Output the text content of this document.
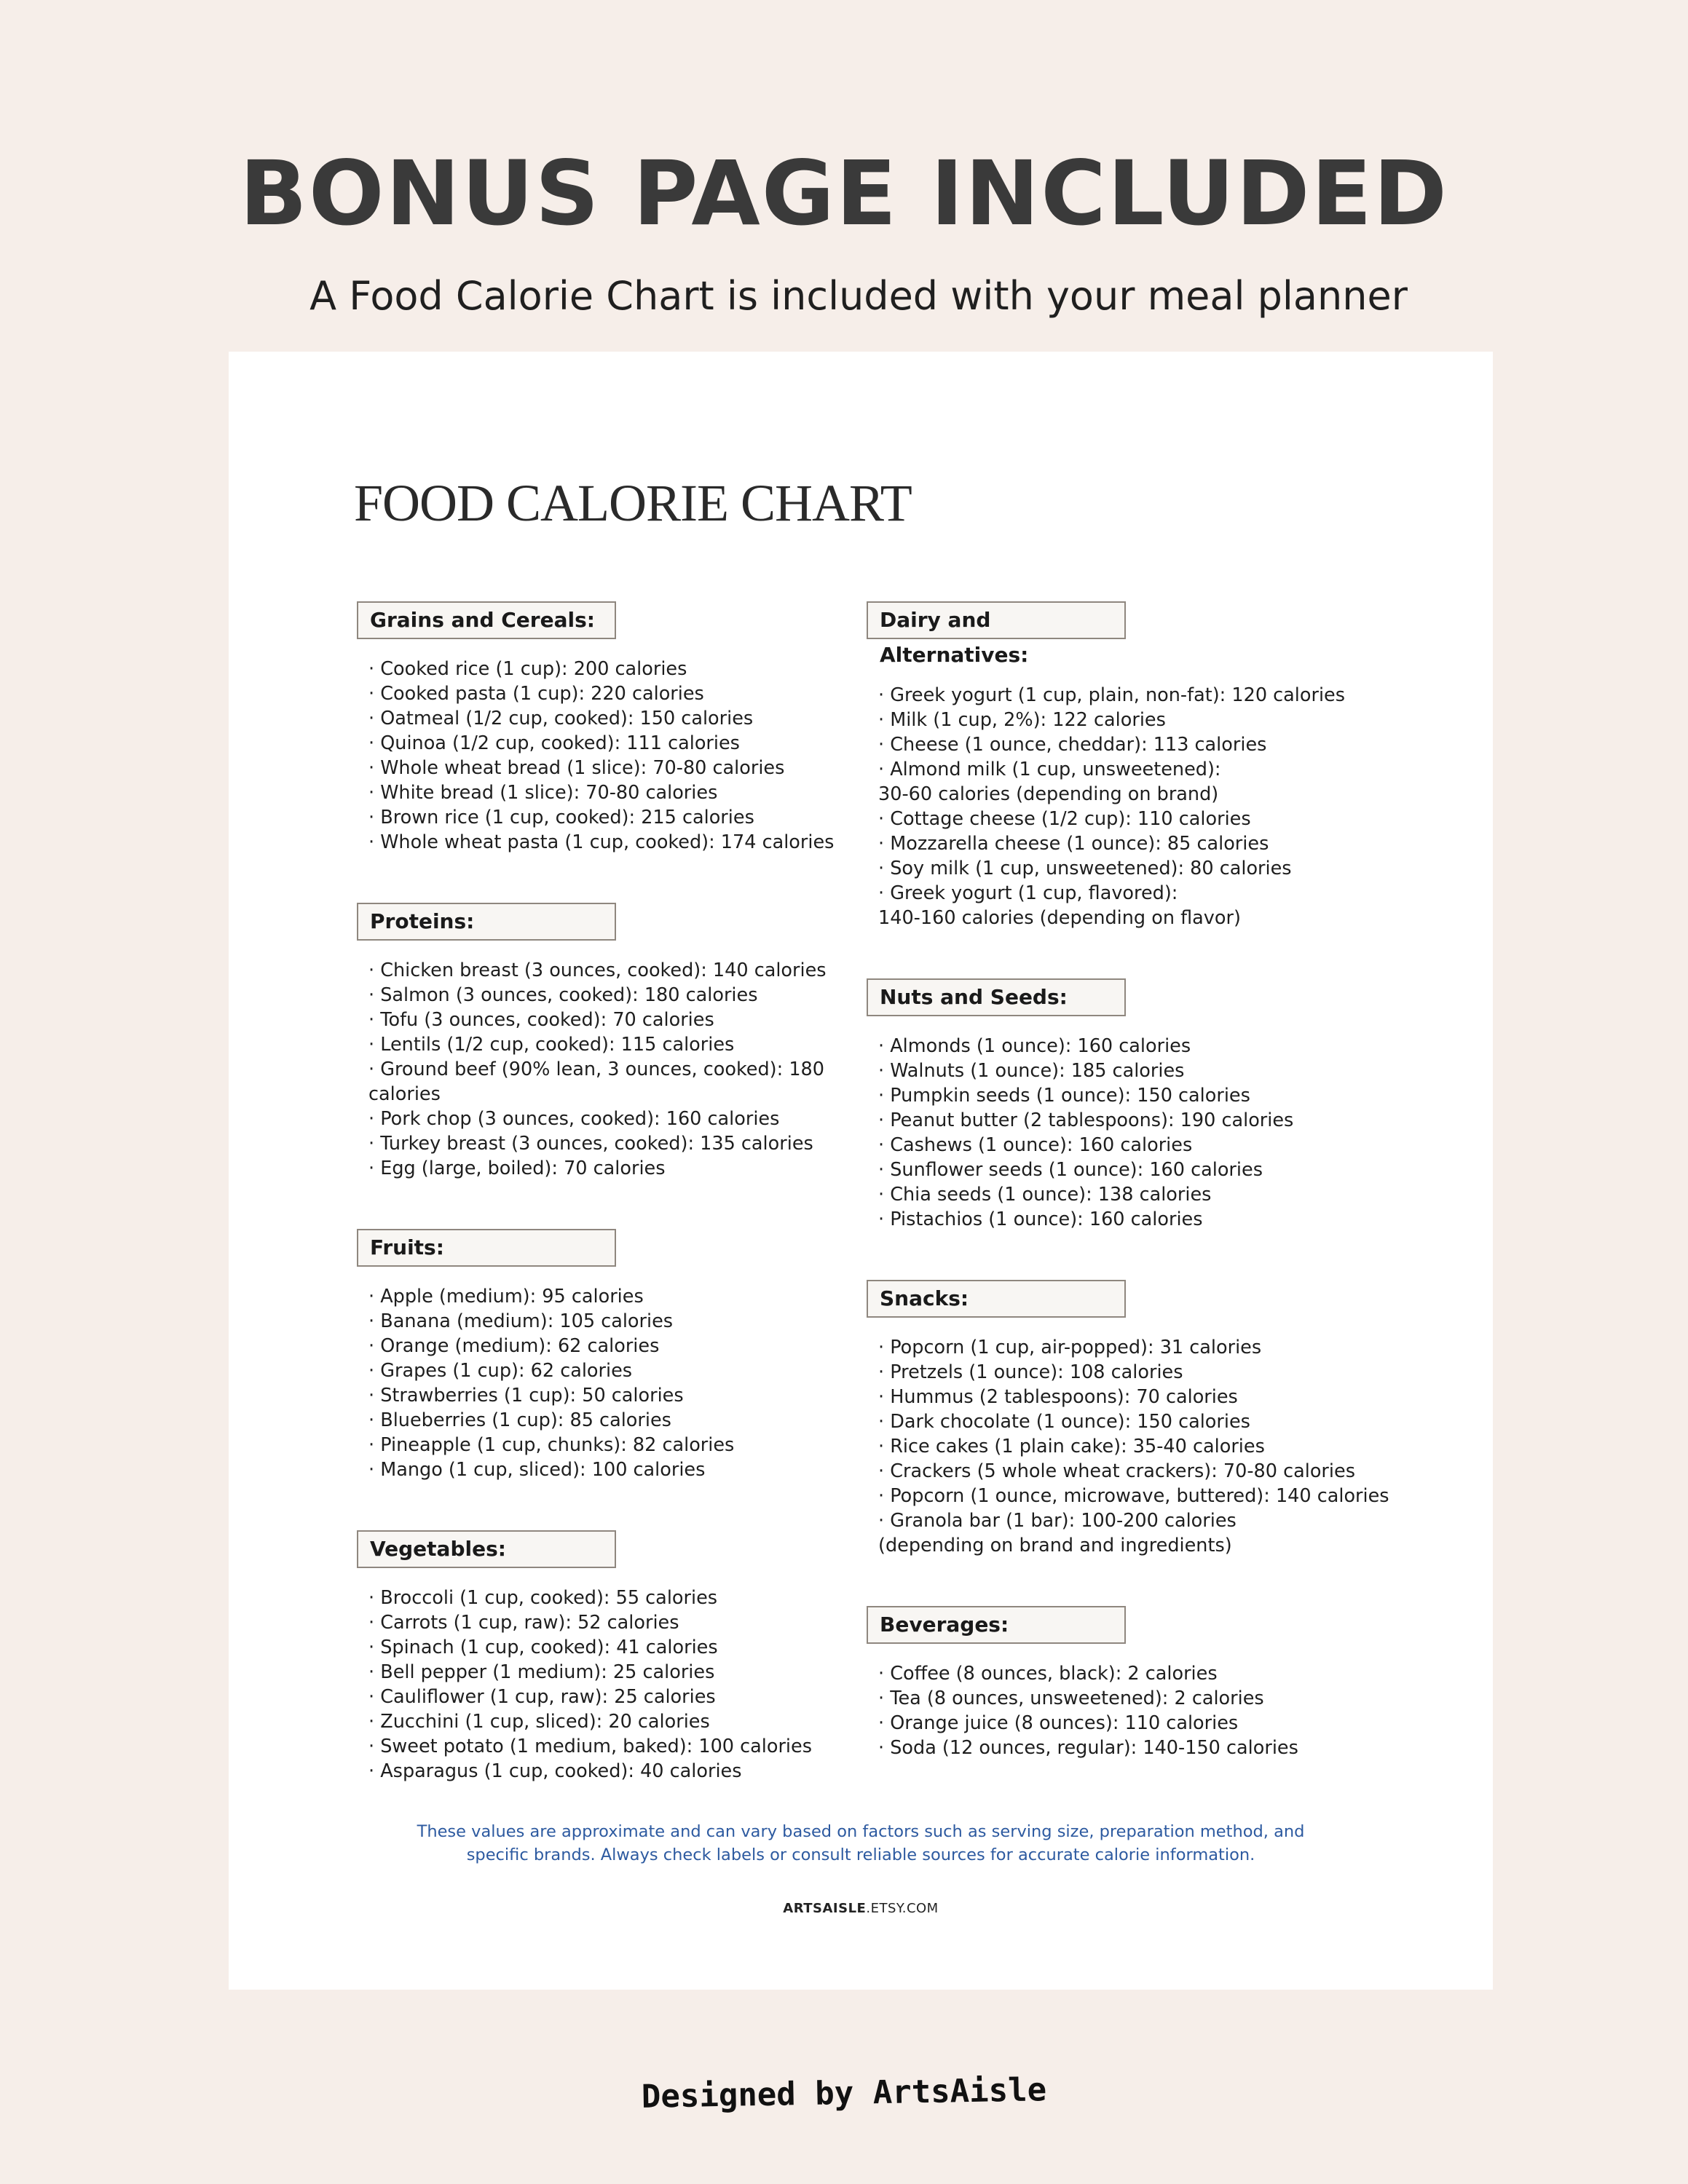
BONUS PAGE INCLUDED
A Food Calorie Chart is included with your meal planner
FOOD CALORIE CHART
Grains and Cereals:
· Cooked rice (1 cup): 200 calories
· Cooked pasta (1 cup): 220 calories
· Oatmeal (1/2 cup, cooked): 150 calories
· Quinoa (1/2 cup, cooked): 111 calories
· Whole wheat bread (1 slice): 70-80 calories
· White bread (1 slice): 70-80 calories
· Brown rice (1 cup, cooked): 215 calories
· Whole wheat pasta (1 cup, cooked): 174 calories
Proteins:
· Chicken breast (3 ounces, cooked): 140 calories
· Salmon (3 ounces, cooked): 180 calories
· Tofu (3 ounces, cooked): 70 calories
· Lentils (1/2 cup, cooked): 115 calories
· Ground beef (90% lean, 3 ounces, cooked): 180 calories
· Pork chop (3 ounces, cooked): 160 calories
· Turkey breast (3 ounces, cooked): 135 calories
· Egg (large, boiled): 70 calories
Fruits:
· Apple (medium): 95 calories
· Banana (medium): 105 calories
· Orange (medium): 62 calories
· Grapes (1 cup): 62 calories
· Strawberries (1 cup): 50 calories
· Blueberries (1 cup): 85 calories
· Pineapple (1 cup, chunks): 82 calories
· Mango (1 cup, sliced): 100 calories
Vegetables:
· Broccoli (1 cup, cooked): 55 calories
· Carrots (1 cup, raw): 52 calories
· Spinach (1 cup, cooked): 41 calories
· Bell pepper (1 medium): 25 calories
· Cauliflower (1 cup, raw): 25 calories
· Zucchini (1 cup, sliced): 20 calories
· Sweet potato (1 medium, baked): 100 calories
· Asparagus (1 cup, cooked): 40 calories
Dairy and Alternatives:
· Greek yogurt (1 cup, plain, non-fat): 120 calories
· Milk (1 cup, 2%): 122 calories
· Cheese (1 ounce, cheddar): 113 calories
· Almond milk (1 cup, unsweetened):
30-60 calories (depending on brand)
· Cottage cheese (1/2 cup): 110 calories
· Mozzarella cheese (1 ounce): 85 calories
· Soy milk (1 cup, unsweetened): 80 calories
· Greek yogurt (1 cup, flavored):
140-160 calories (depending on flavor)
Nuts and Seeds:
· Almonds (1 ounce): 160 calories
· Walnuts (1 ounce): 185 calories
· Pumpkin seeds (1 ounce): 150 calories
· Peanut butter (2 tablespoons): 190 calories
· Cashews (1 ounce): 160 calories
· Sunflower seeds (1 ounce): 160 calories
· Chia seeds (1 ounce): 138 calories
· Pistachios (1 ounce): 160 calories
Snacks:
· Popcorn (1 cup, air-popped): 31 calories
· Pretzels (1 ounce): 108 calories
· Hummus (2 tablespoons): 70 calories
· Dark chocolate (1 ounce): 150 calories
· Rice cakes (1 plain cake): 35-40 calories
· Crackers (5 whole wheat crackers): 70-80 calories
· Popcorn (1 ounce, microwave, buttered): 140 calories
· Granola bar (1 bar): 100-200 calories
(depending on brand and ingredients)
Beverages:
· Coffee (8 ounces, black): 2 calories
· Tea (8 ounces, unsweetened): 2 calories
· Orange juice (8 ounces): 110 calories
· Soda (12 ounces, regular): 140-150 calories
These values are approximate and can vary based on factors such as serving size, preparation method, and
specific brands. Always check labels or consult reliable sources for accurate calorie information.
ARTSAISLE.ETSY.COM
Designed by ArtsAisle
